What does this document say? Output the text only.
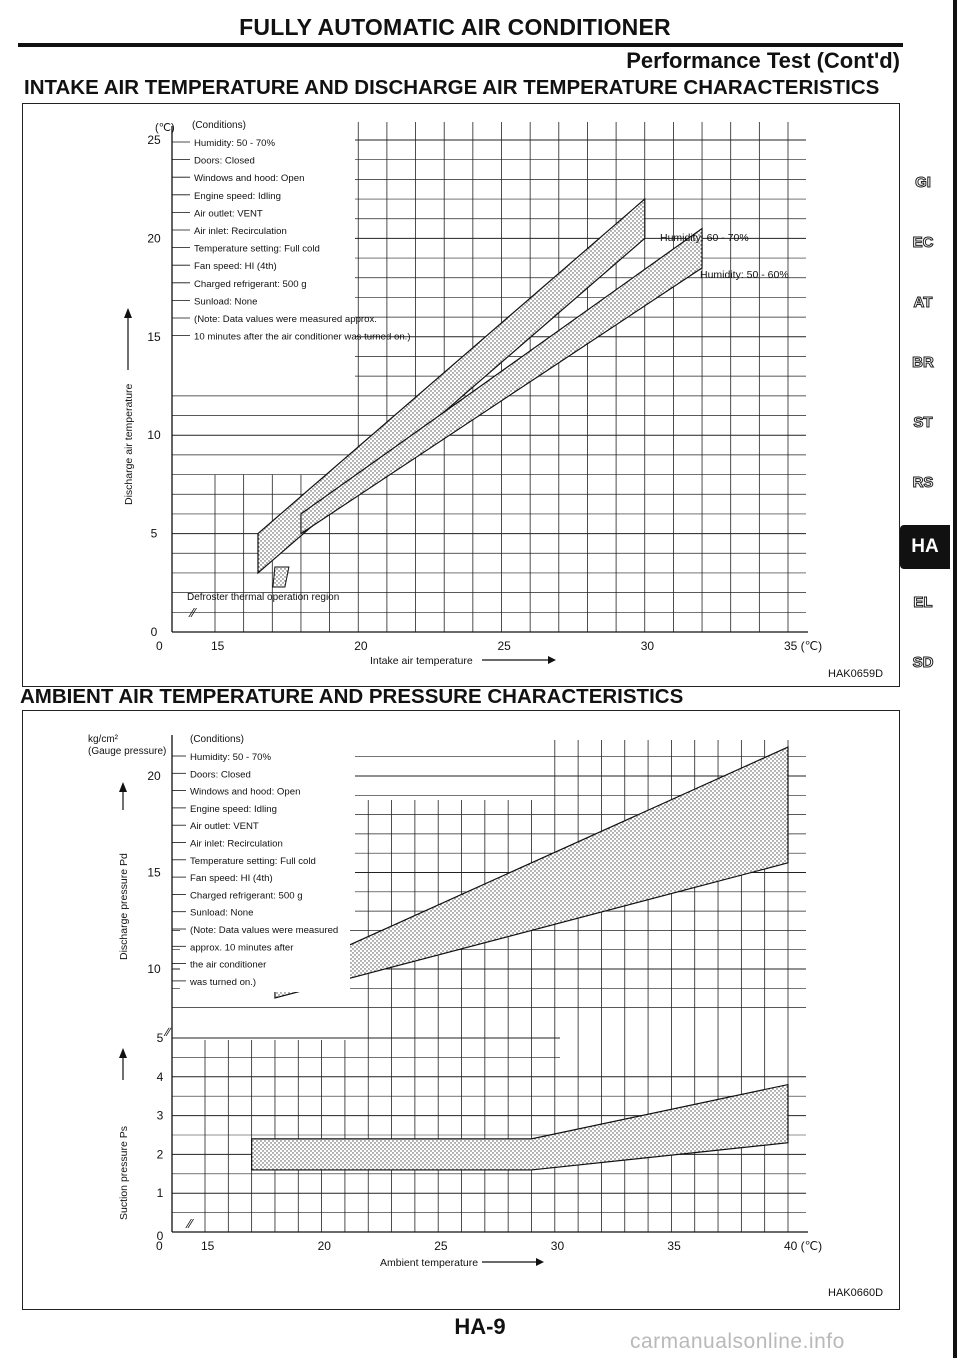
FULLY AUTOMATIC AIR CONDITIONER
Performance Test (Cont'd)
INTAKE AIR TEMPERATURE AND DISCHARGE AIR TEMPERATURE CHARACTERISTICS
AMBIENT AIR TEMPERATURE AND PRESSURE CHARACTERISTICS
∕∕
0	15	20	25	30	35 (℃)
0
5
10
15
20
25
(℃) (Conditions)
Humidity: 50 - 70%
Doors: Closed
Windows and hood: Open
Engine speed: Idling
Air outlet: VENT
Air inlet: Recirculation
Temperature setting: Full cold
Fan speed: HI (4th)
Charged refrigerant: 500 g
Sunload: None
(Note: Data values were measured approx.
10 minutes after the air conditioner was turned on.)
Humidity: 60 - 70%
Humidity: 50 - 60%
Defroster thermal operation region
Intake air temperature
Discharge air temperature
HAK0659D
∕∕
∕∕
0	15	20	25	30	35	40 (℃)
10
15
20
0
1
2
3
4
5
kg/cm²
(Gauge pressure)
(Conditions)
Humidity: 50 - 70%
Doors: Closed
Windows and hood: Open
Engine speed: Idling
Air outlet: VENT
Air inlet: Recirculation
Temperature setting: Full cold
Fan speed: HI (4th)
Charged refrigerant: 500 g
Sunload: None
(Note: Data values were measured
approx. 10 minutes after
the air conditioner
was turned on.)
Discharge pressure Pd
Suction pressure Ps
Ambient temperature
HAK0660D
GI
EC
AT
BR
ST
RS
HA
EL
SD
HA-9
carmanualsonline.info
